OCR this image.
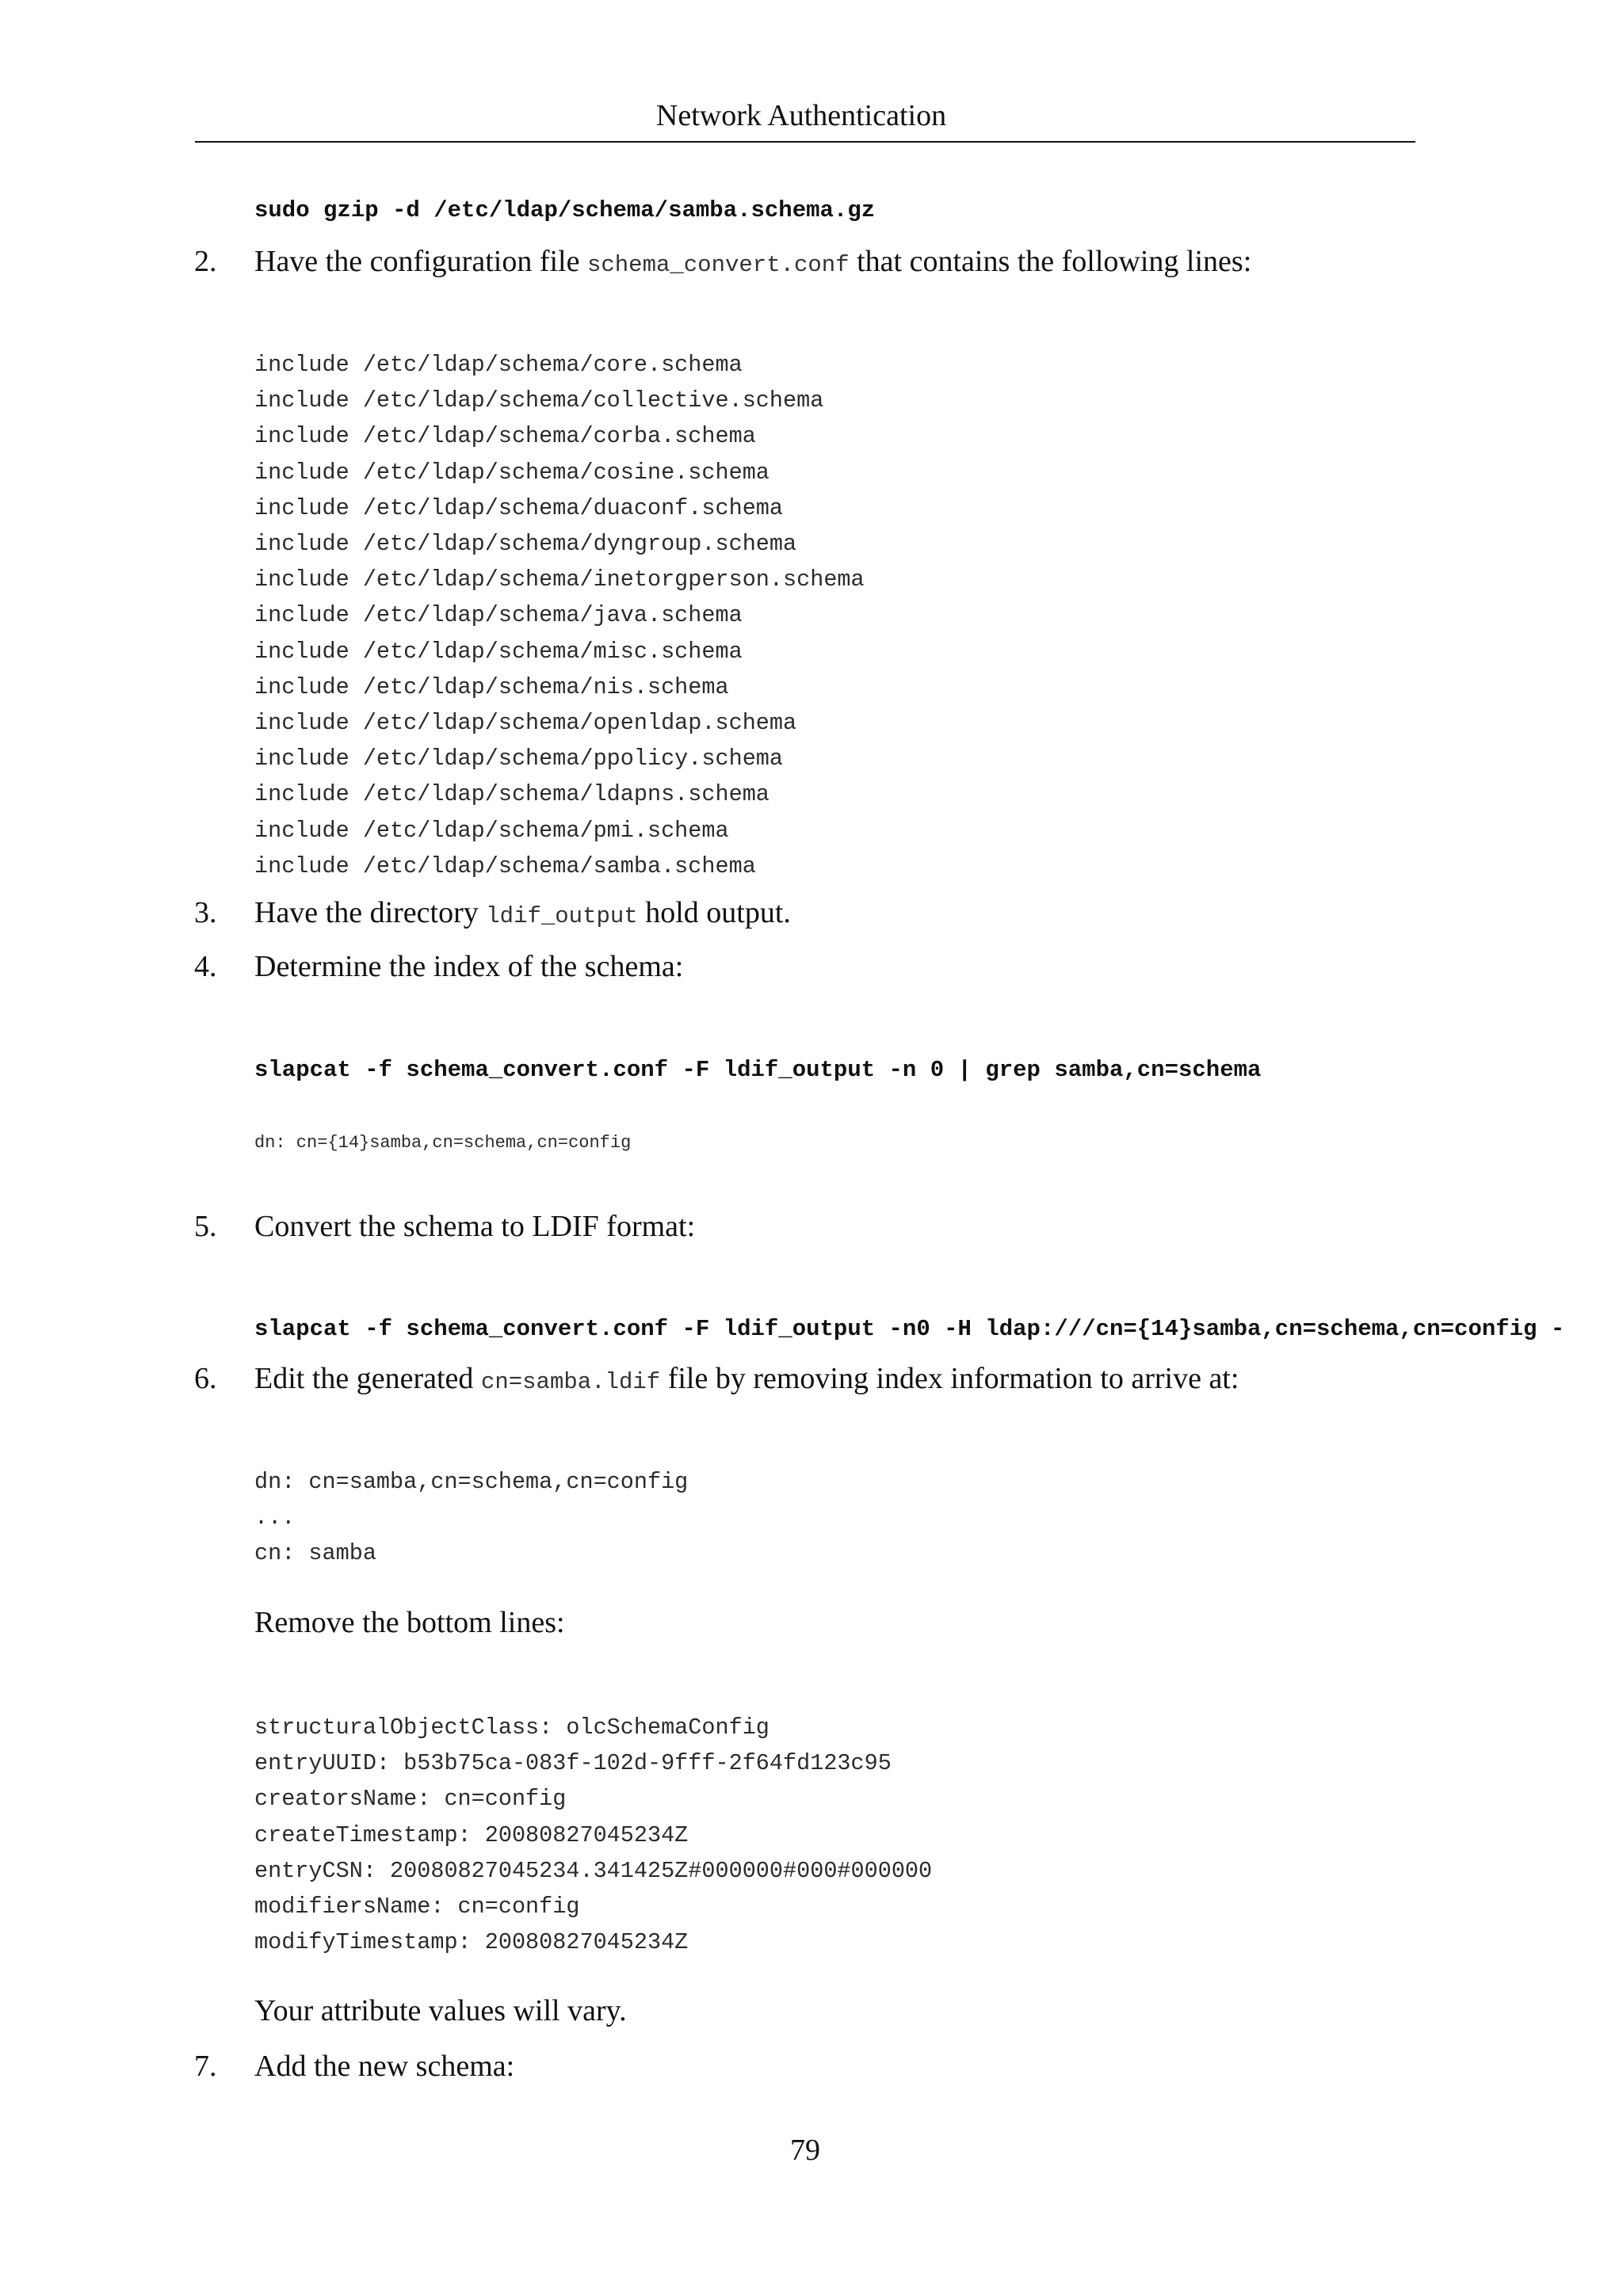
Network Authentication
sudo gzip -d /etc/ldap/schema/samba.schema.gz
2. Have the configuration file schema_convert.conf that contains the following lines:
include /etc/ldap/schema/core.schema
include /etc/ldap/schema/collective.schema
include /etc/ldap/schema/corba.schema
include /etc/ldap/schema/cosine.schema
include /etc/ldap/schema/duaconf.schema
include /etc/ldap/schema/dyngroup.schema
include /etc/ldap/schema/inetorgperson.schema
include /etc/ldap/schema/java.schema
include /etc/ldap/schema/misc.schema
include /etc/ldap/schema/nis.schema
include /etc/ldap/schema/openldap.schema
include /etc/ldap/schema/ppolicy.schema
include /etc/ldap/schema/ldapns.schema
include /etc/ldap/schema/pmi.schema
include /etc/ldap/schema/samba.schema
3. Have the directory ldif_output hold output.
4. Determine the index of the schema:
slapcat -f schema_convert.conf -F ldif_output -n 0 | grep samba,cn=schema
dn: cn={14}samba,cn=schema,cn=config
5. Convert the schema to LDIF format:
slapcat -f schema_convert.conf -F ldif_output -n0 -H ldap:///cn={14}samba,cn=schema,cn=config -
6. Edit the generated cn=samba.ldif file by removing index information to arrive at:
dn: cn=samba,cn=schema,cn=config
...
cn: samba
Remove the bottom lines:
structuralObjectClass: olcSchemaConfig
entryUUID: b53b75ca-083f-102d-9fff-2f64fd123c95
creatorsName: cn=config
createTimestamp: 20080827045234Z
entryCSN: 20080827045234.341425Z#000000#000#000000
modifiersName: cn=config
modifyTimestamp: 20080827045234Z
Your attribute values will vary.
7. Add the new schema:
79
